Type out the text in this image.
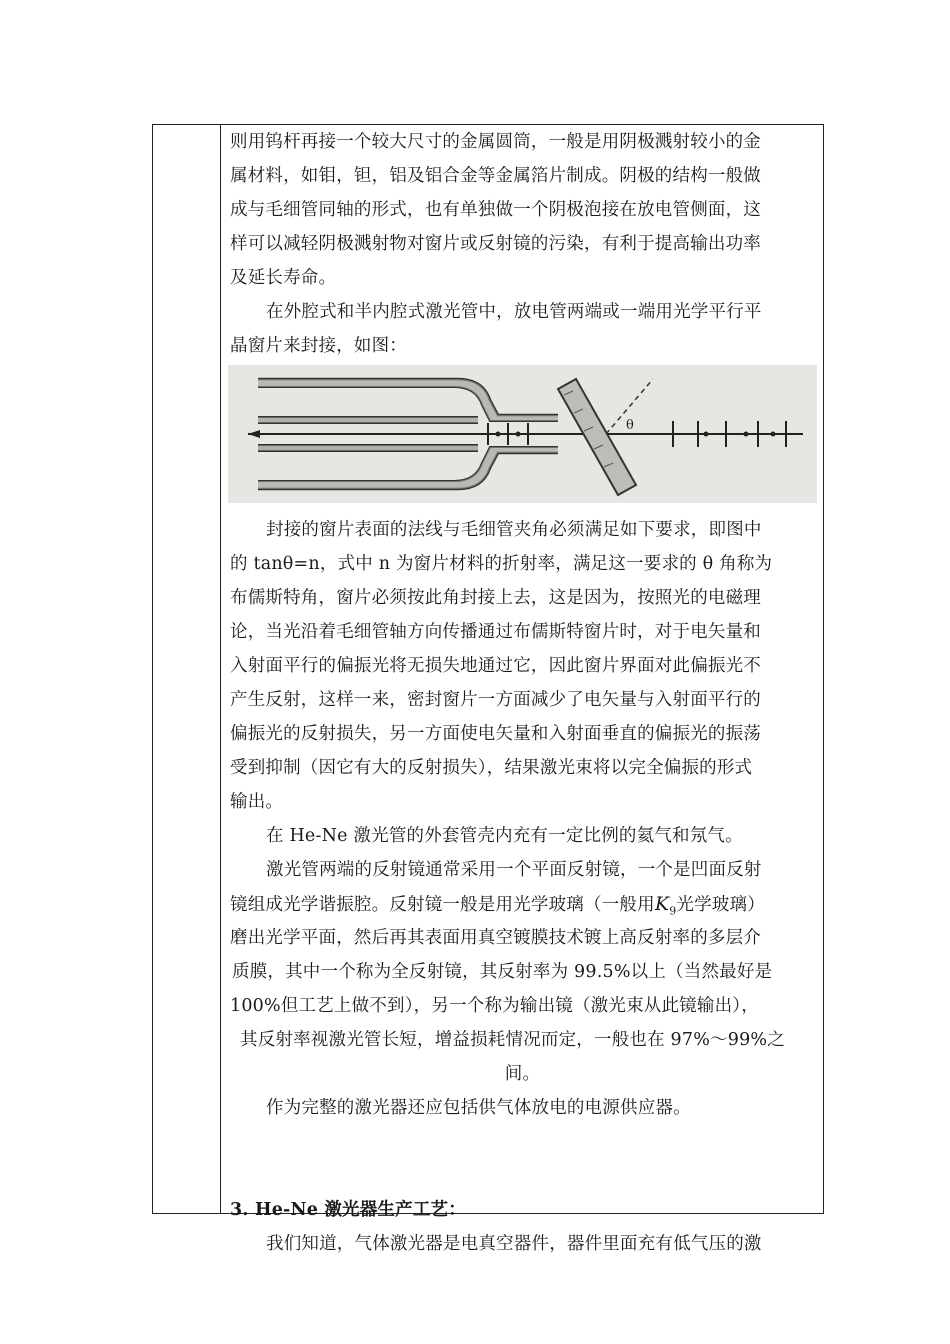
则用钨杆再接一个较大尺寸的金属圆筒，一般是用阴极溅射较小的金
属材料，如钼，钽，铝及铝合金等金属箔片制成。阴极的结构一般做
成与毛细管同轴的形式，也有单独做一个阴极泡接在放电管侧面，这
样可以减轻阴极溅射物对窗片或反射镜的污染，有利于提高输出功率
及延长寿命。
在外腔式和半内腔式激光管中，放电管两端或一端用光学平行平
晶窗片来封接，如图：
θ
封接的窗片表面的法线与毛细管夹角必须满足如下要求，即图中
的 tanθ=n，式中 n 为窗片材料的折射率，满足这一要求的 θ 角称为
布儒斯特角，窗片必须按此角封接上去，这是因为，按照光的电磁理
论，当光沿着毛细管轴方向传播通过布儒斯特窗片时，对于电矢量和
入射面平行的偏振光将无损失地通过它，因此窗片界面对此偏振光不
产生反射，这样一来，密封窗片一方面减少了电矢量与入射面平行的
偏振光的反射损失，另一方面使电矢量和入射面垂直的偏振光的振荡
受到抑制（因它有大的反射损失），结果激光束将以完全偏振的形式
输出。
在 He-Ne 激光管的外套管壳内充有一定比例的氦气和氖气。
激光管两端的反射镜通常采用一个平面反射镜，一个是凹面反射
镜组成光学谐振腔。反射镜一般是用光学玻璃（一般用$K_9$光学玻璃）
磨出光学平面，然后再其表面用真空镀膜技术镀上高反射率的多层介
质膜，其中一个称为全反射镜，其反射率为 99.5%以上（当然最好是
100%但工艺上做不到），另一个称为输出镜（激光束从此镜输出），
其反射率视激光管长短，增益损耗情况而定，一般也在 97%～99%之
间。
作为完整的激光器还应包括供气体放电的电源供应器。
3. He-Ne 激光器生产工艺：
我们知道，气体激光器是电真空器件，器件里面充有低气压的激
